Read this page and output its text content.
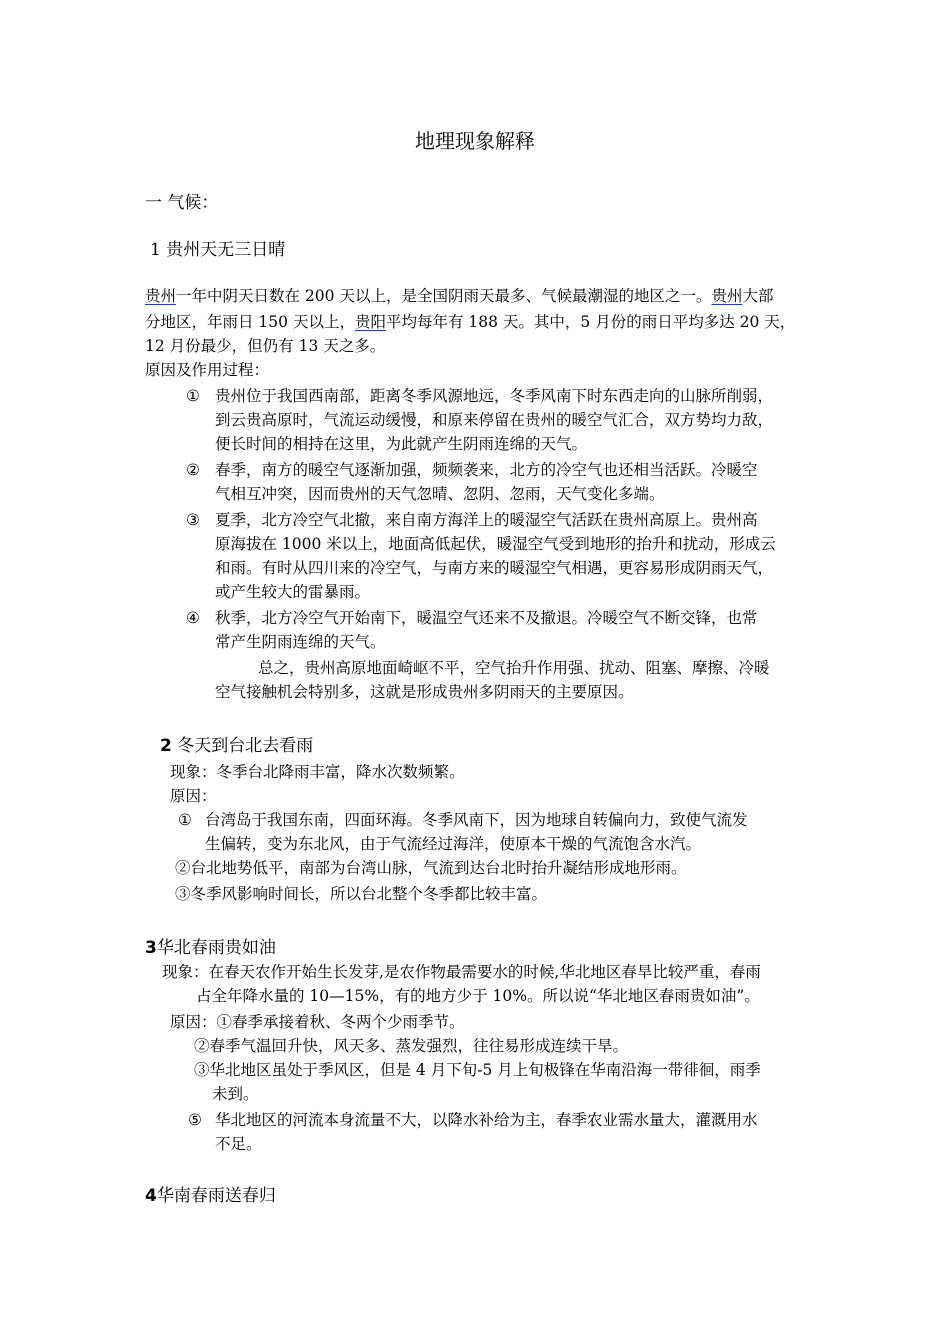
地理现象解释
一 气候：
1 贵州天无三日晴
贵州一年中阴天日数在 200 天以上，是全国阴雨天最多、气候最潮湿的地区之一。贵州大部
分地区，年雨日 150 天以上，贵阳平均每年有 188 天。其中，5 月份的雨日平均多达 20 天，
12 月份最少，但仍有 13 天之多。
原因及作用过程：
① 贵州位于我国西南部，距离冬季风源地远，冬季风南下时东西走向的山脉所削弱，
到云贵高原时，气流运动缓慢，和原来停留在贵州的暖空气汇合，双方势均力敌，
便长时间的相持在这里，为此就产生阴雨连绵的天气。
② 春季，南方的暖空气逐渐加强，频频袭来，北方的冷空气也还相当活跃。冷暖空
气相互冲突，因而贵州的天气忽晴、忽阴、忽雨，天气变化多端。
③ 夏季，北方冷空气北撤，来自南方海洋上的暖湿空气活跃在贵州高原上。贵州高
原海拔在 1000 米以上，地面高低起伏，暖湿空气受到地形的抬升和扰动，形成云
和雨。有时从四川来的冷空气，与南方来的暖湿空气相遇，更容易形成阴雨天气，
或产生较大的雷暴雨。
④ 秋季，北方冷空气开始南下，暖温空气还来不及撤退。冷暖空气不断交锋，也常
常产生阴雨连绵的天气。
总之，贵州高原地面崎岖不平，空气抬升作用强、扰动、阻塞、摩擦、冷暖
空气接触机会特别多，这就是形成贵州多阴雨天的主要原因。
2 冬天到台北去看雨
现象：冬季台北降雨丰富，降水次数频繁。
原因：
① 台湾岛于我国东南，四面环海。冬季风南下，因为地球自转偏向力，致使气流发
生偏转，变为东北风，由于气流经过海洋，使原本干燥的气流饱含水汽。
②台北地势低平，南部为台湾山脉，气流到达台北时抬升凝结形成地形雨。
③冬季风影响时间长，所以台北整个冬季都比较丰富。
3华北春雨贵如油
现象：在春天农作开始生长发芽,是农作物最需要水的时候,华北地区春旱比较严重，春雨
占全年降水量的 10—15%，有的地方少于 10%。所以说“华北地区春雨贵如油”。
原因：①春季承接着秋、冬两个少雨季节。
②春季气温回升快，风天多、蒸发强烈，往往易形成连续干旱。
③华北地区虽处于季风区，但是 4 月下旬-5 月上旬极锋在华南沿海一带徘徊，雨季
未到。
⑤ 华北地区的河流本身流量不大，以降水补给为主，春季农业需水量大，灌溉用水
不足。
4华南春雨送春归
